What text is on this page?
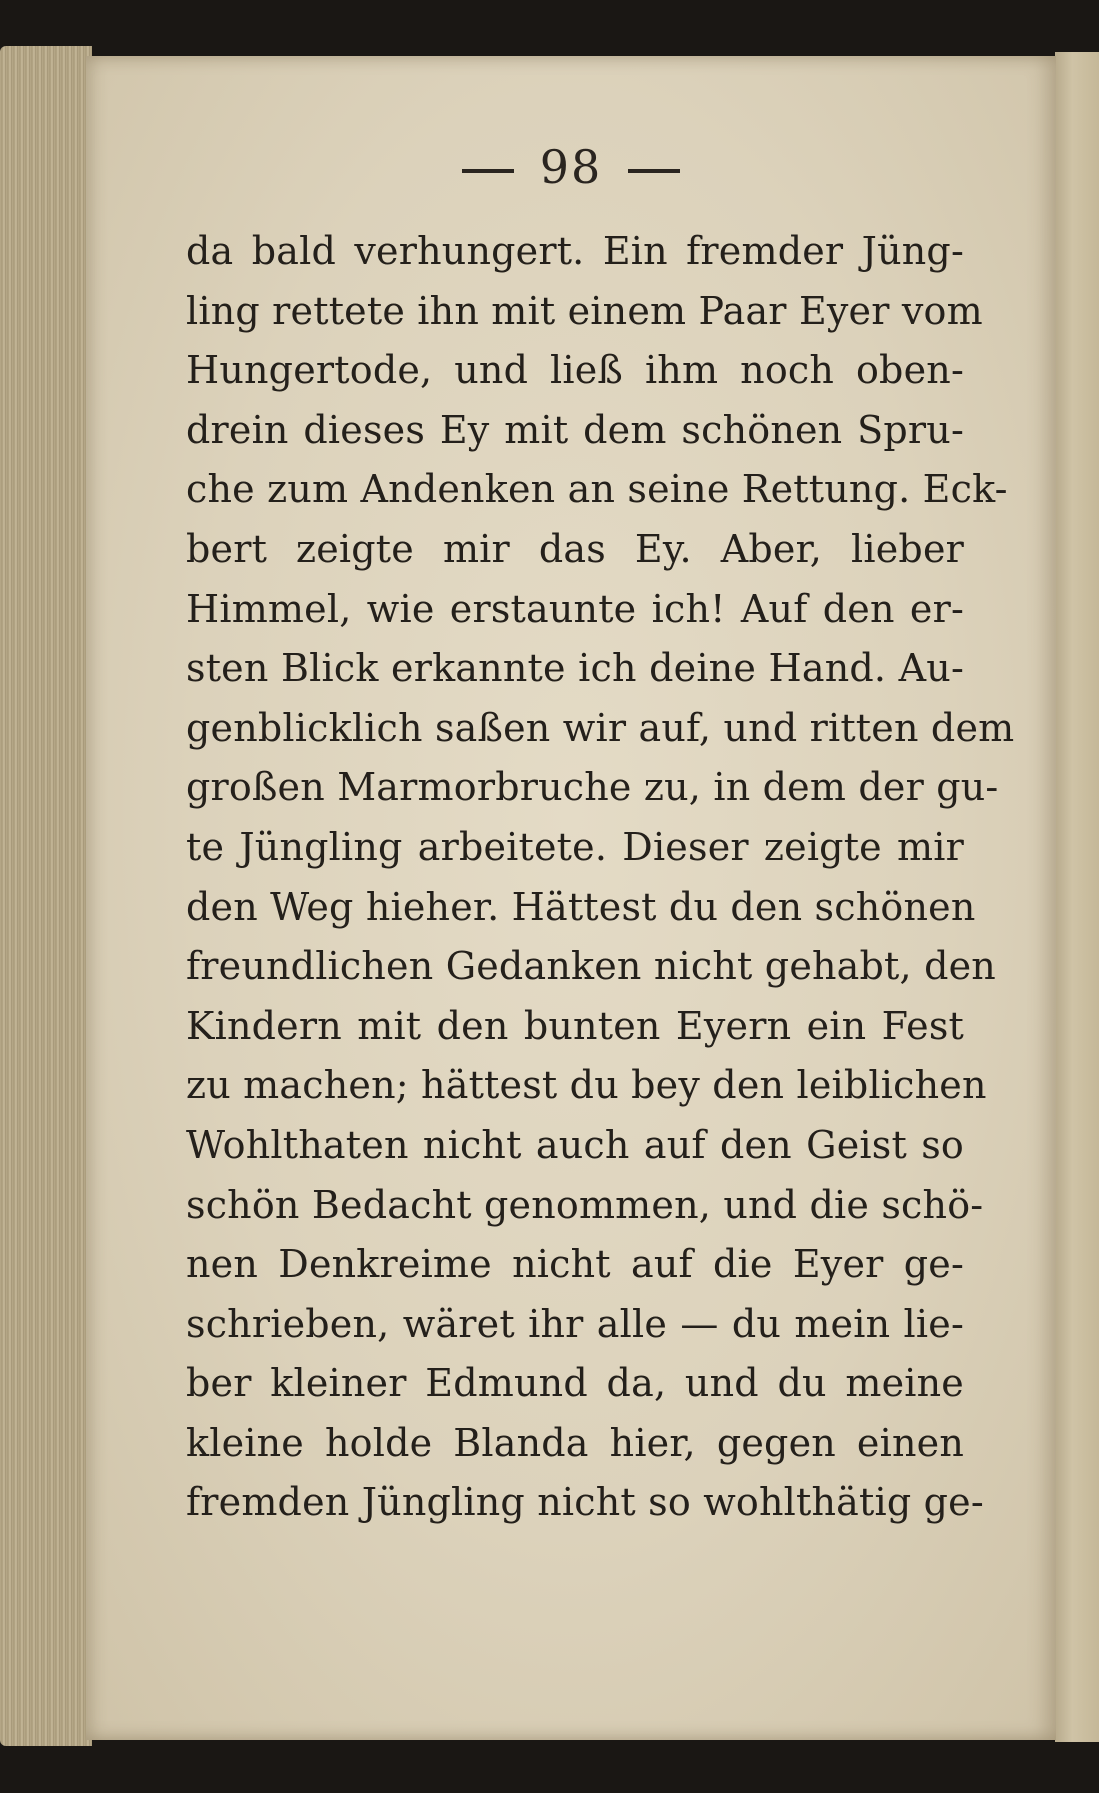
98
da bald verhungert. Ein fremder Jüng-
ling rettete ihn mit einem Paar Eyer vom
Hungertode, und ließ ihm noch oben-
drein dieses Ey mit dem schönen Spru-
che zum Andenken an seine Rettung. Eck-
bert zeigte mir das Ey. Aber, lieber
Himmel, wie erstaunte ich! Auf den er-
sten Blick erkannte ich deine Hand. Au-
genblicklich saßen wir auf, und ritten dem
großen Marmorbruche zu, in dem der gu-
te Jüngling arbeitete. Dieser zeigte mir
den Weg hieher. Hättest du den schönen
freundlichen Gedanken nicht gehabt, den
Kindern mit den bunten Eyern ein Fest
zu machen; hättest du bey den leiblichen
Wohlthaten nicht auch auf den Geist so
schön Bedacht genommen, und die schö-
nen Denkreime nicht auf die Eyer ge-
schrieben, wäret ihr alle — du mein lie-
ber kleiner Edmund da, und du meine
kleine holde Blanda hier, gegen einen
fremden Jüngling nicht so wohlthätig ge-
